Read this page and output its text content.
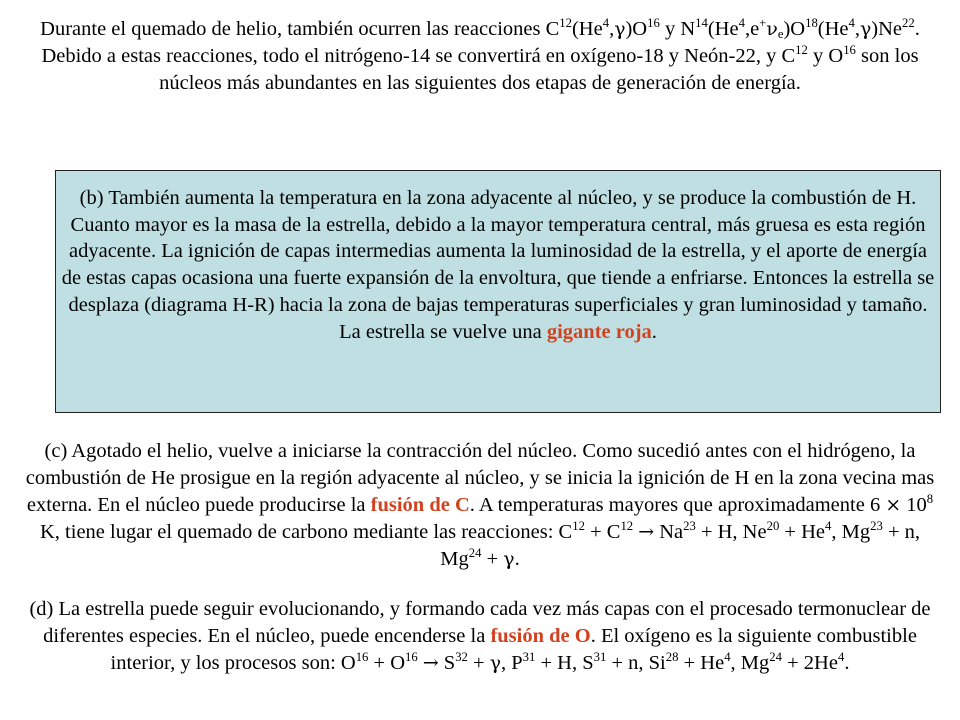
Durante el quemado de helio, también ocurren las reacciones $C^{12}(He^4,\gamma)O^{16}$ y $N^{14}(He^4,e^+\nu_e)O^{18}(He^4,\gamma)Ne^{22}$. Debido a estas reacciones, todo el nitrógeno-14 se convertirá en oxígeno-18 y Neón-22, y $C^{12}$ y $O^{16}$ son los núcleos más abundantes en las siguientes dos etapas de generación de energía.

(b) También aumenta la temperatura en la zona adyacente al núcleo, y se produce la combustión de H. Cuanto mayor es la masa de la estrella, debido a la mayor temperatura central, más gruesa es esta región adyacente. La ignición de capas intermedias aumenta la luminosidad de la estrella, y el aporte de energía de estas capas ocasiona una fuerte expansión de la envoltura, que tiende a enfriarse. Entonces la estrella se desplaza (diagrama H-R) hacia la zona de bajas temperaturas superficiales y gran luminosidad y tamaño. La estrella se vuelve una gigante roja.

(c) Agotado el helio, vuelve a iniciarse la contracción del núcleo. Como sucedió antes con el hidrógeno, la combustión de He prosigue en la región adyacente al núcleo, y se inicia la ignición de H en la zona vecina mas externa. En el núcleo puede producirse la fusión de C. A temperaturas mayores que aproximadamente $6 \times 10^8$ K, tiene lugar el quemado de carbono mediante las reacciones: $C^{12} + C^{12} \to Na^{23} + H$, $Ne^{20} + He^4$, $Mg^{23} + n$, $Mg^{24} + \gamma$.

(d) La estrella puede seguir evolucionando, y formando cada vez más capas con el procesado termonuclear de diferentes especies. En el núcleo, puede encenderse la fusión de O. El oxígeno es la siguiente combustible interior, y los procesos son: $O^{16} + O^{16} \to S^{32} + \gamma$, $P^{31} + H$, $S^{31} + n$, $Si^{28} + He^4$, $Mg^{24} + 2He^4$.
